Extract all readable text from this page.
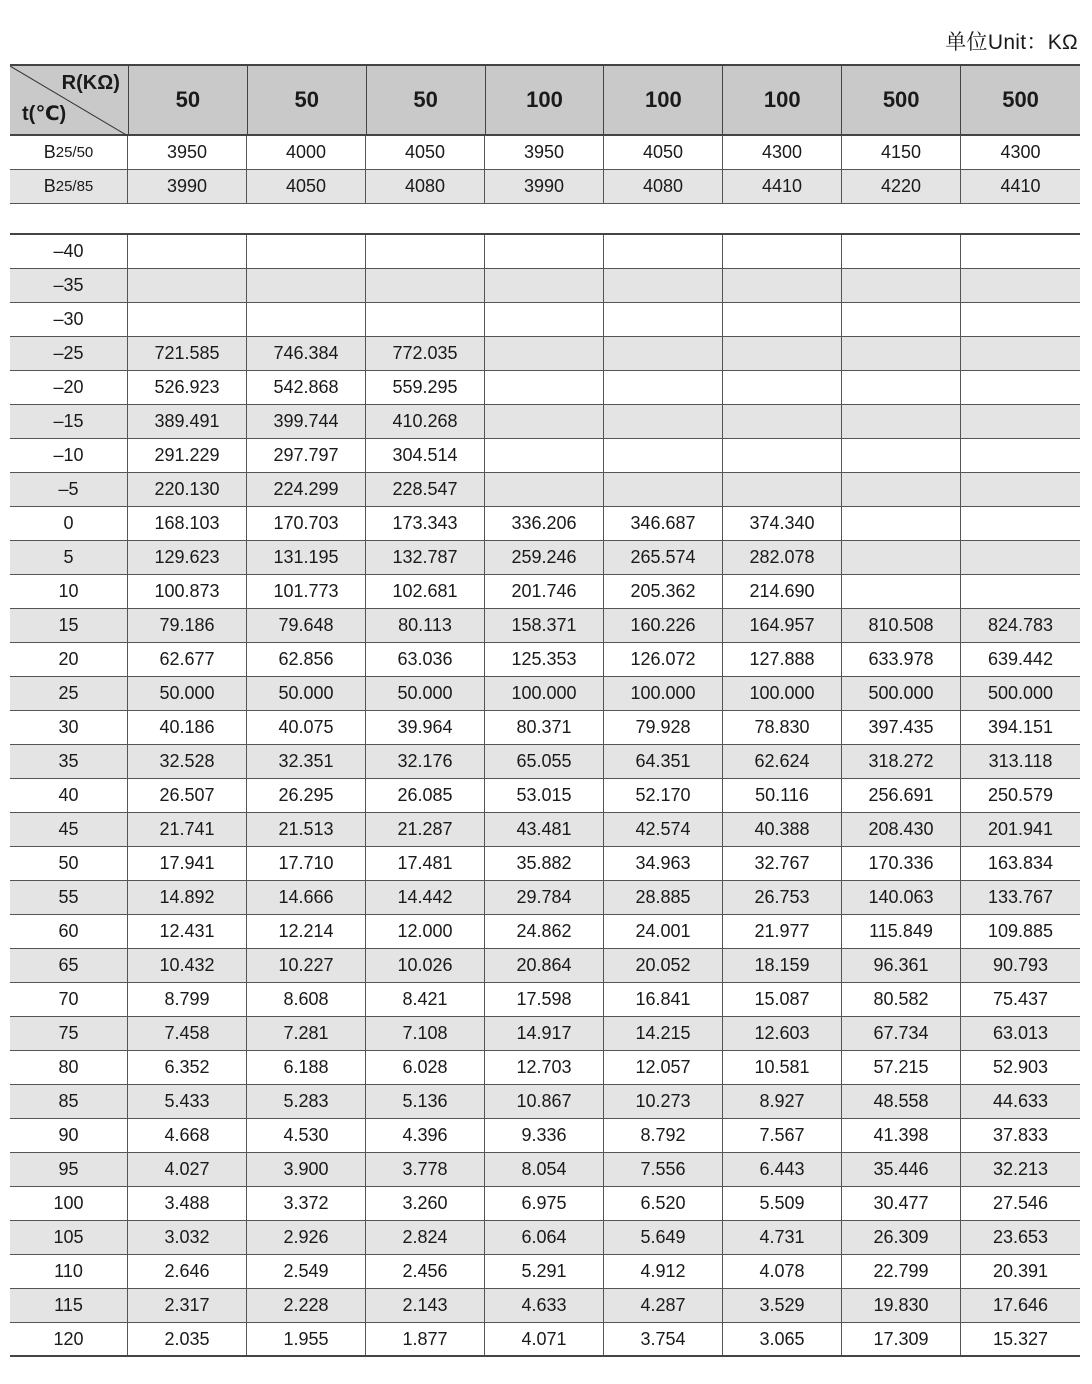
单位Unit：KΩ
R(KΩ)
t(℃)
50	50	50	100	100	100	500	500
B 25/50	3950	4000	4050	3950	4050	4300	4150	4300
B 25/85	3990	4050	4080	3990	4080	4410	4220	4410
–40
–35
–30
–25	721.585	746.384	772.035
–20	526.923	542.868	559.295
–15	389.491	399.744	410.268
–10	291.229	297.797	304.514
–5	220.130	224.299	228.547
0	168.103	170.703	173.343	336.206	346.687	374.340
5	129.623	131.195	132.787	259.246	265.574	282.078
10	100.873	101.773	102.681	201.746	205.362	214.690
15	79.186	79.648	80.113	158.371	160.226	164.957	810.508	824.783
20	62.677	62.856	63.036	125.353	126.072	127.888	633.978	639.442
25	50.000	50.000	50.000	100.000	100.000	100.000	500.000	500.000
30	40.186	40.075	39.964	80.371	79.928	78.830	397.435	394.151
35	32.528	32.351	32.176	65.055	64.351	62.624	318.272	313.118
40	26.507	26.295	26.085	53.015	52.170	50.116	256.691	250.579
45	21.741	21.513	21.287	43.481	42.574	40.388	208.430	201.941
50	17.941	17.710	17.481	35.882	34.963	32.767	170.336	163.834
55	14.892	14.666	14.442	29.784	28.885	26.753	140.063	133.767
60	12.431	12.214	12.000	24.862	24.001	21.977	115.849	109.885
65	10.432	10.227	10.026	20.864	20.052	18.159	96.361	90.793
70	8.799	8.608	8.421	17.598	16.841	15.087	80.582	75.437
75	7.458	7.281	7.108	14.917	14.215	12.603	67.734	63.013
80	6.352	6.188	6.028	12.703	12.057	10.581	57.215	52.903
85	5.433	5.283	5.136	10.867	10.273	8.927	48.558	44.633
90	4.668	4.530	4.396	9.336	8.792	7.567	41.398	37.833
95	4.027	3.900	3.778	8.054	7.556	6.443	35.446	32.213
100	3.488	3.372	3.260	6.975	6.520	5.509	30.477	27.546
105	3.032	2.926	2.824	6.064	5.649	4.731	26.309	23.653
110	2.646	2.549	2.456	5.291	4.912	4.078	22.799	20.391
115	2.317	2.228	2.143	4.633	4.287	3.529	19.830	17.646
120	2.035	1.955	1.877	4.071	3.754	3.065	17.309	15.327
